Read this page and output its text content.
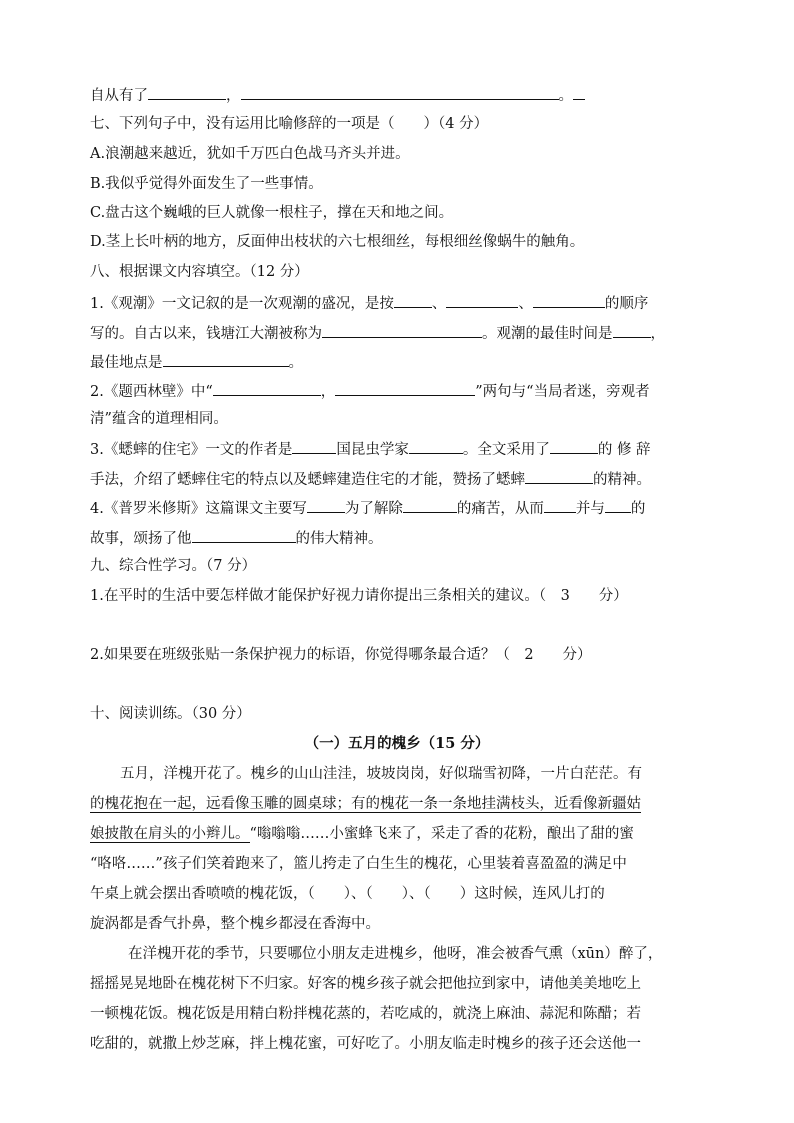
自从有了	，	。
七、下列句子中，没有运用比喻修辞的一项是（　　）（4 分）
A.浪潮越来越近，犹如千万匹白色战马齐头并进。
B.我似乎觉得外面发生了一些事情。
C.盘古这个巍峨的巨人就像一根柱子，撑在天和地之间。
D.茎上长叶柄的地方，反面伸出枝状的六七根细丝，每根细丝像蜗牛的触角。
八、根据课文内容填空。（12 分）
1.《观潮》一文记叙的是一次观潮的盛况，是按	、	、	的顺序
写的。自古以来，钱塘江大潮被称为	。观潮的最佳时间是	，
最佳地点是	。
2.《题西林壁》中“	，	”两句与“当局者迷，旁观者
清”蕴含的道理相同。
3.《蟋蟀的住宅》一文的作者是	国昆虫学家	。全文采用了	的 修 辞
手法，介绍了蟋蟀住宅的特点以及蟋蟀建造住宅的才能，赞扬了蟋蟀	的精神。
4.《普罗米修斯》这篇课文主要写	为了解除	的痛苦，从而 并与 的
故事，颂扬了他	的伟大精神。
九、综合性学习。（7 分）
1.在平时的生活中要怎样做才能保护好视力请你提出三条相关的建议。（　3　　分）
2.如果要在班级张贴一条保护视力的标语，你觉得哪条最合适？（　2　　分）
十、阅读训练。（30 分）
（一）五月的槐乡（15 分）
五月，洋槐开花了。槐乡的山山洼洼，坡坡岗岗，好似瑞雪初降，一片白茫茫。有
的槐花抱在一起，远看像玉雕的圆桌球；有的槐花一条一条地挂满枝头，近看像新疆姑
娘披散在肩头的小辫儿。“嗡嗡嗡……小蜜蜂飞来了，采走了香的花粉，酿出了甜的蜜
“咯咯……”孩子们笑着跑来了，篮儿挎走了白生生的槐花，心里装着喜盈盈的满足中
午桌上就会摆出香喷喷的槐花饭，（　　）、（　　）、（　　）这时候，连风儿打的
旋涡都是香气扑鼻，整个槐乡都浸在香海中。
在洋槐开花的季节，只要哪位小朋友走进槐乡，他呀，准会被香气熏（xūn）醉了，
摇摇晃晃地卧在槐花树下不归家。好客的槐乡孩子就会把他拉到家中，请他美美地吃上
一顿槐花饭。槐花饭是用精白粉拌槐花蒸的，若吃咸的，就浇上麻油、蒜泥和陈醋；若
吃甜的，就撒上炒芝麻，拌上槐花蜜，可好吃了。小朋友临走时槐乡的孩子还会送他一
